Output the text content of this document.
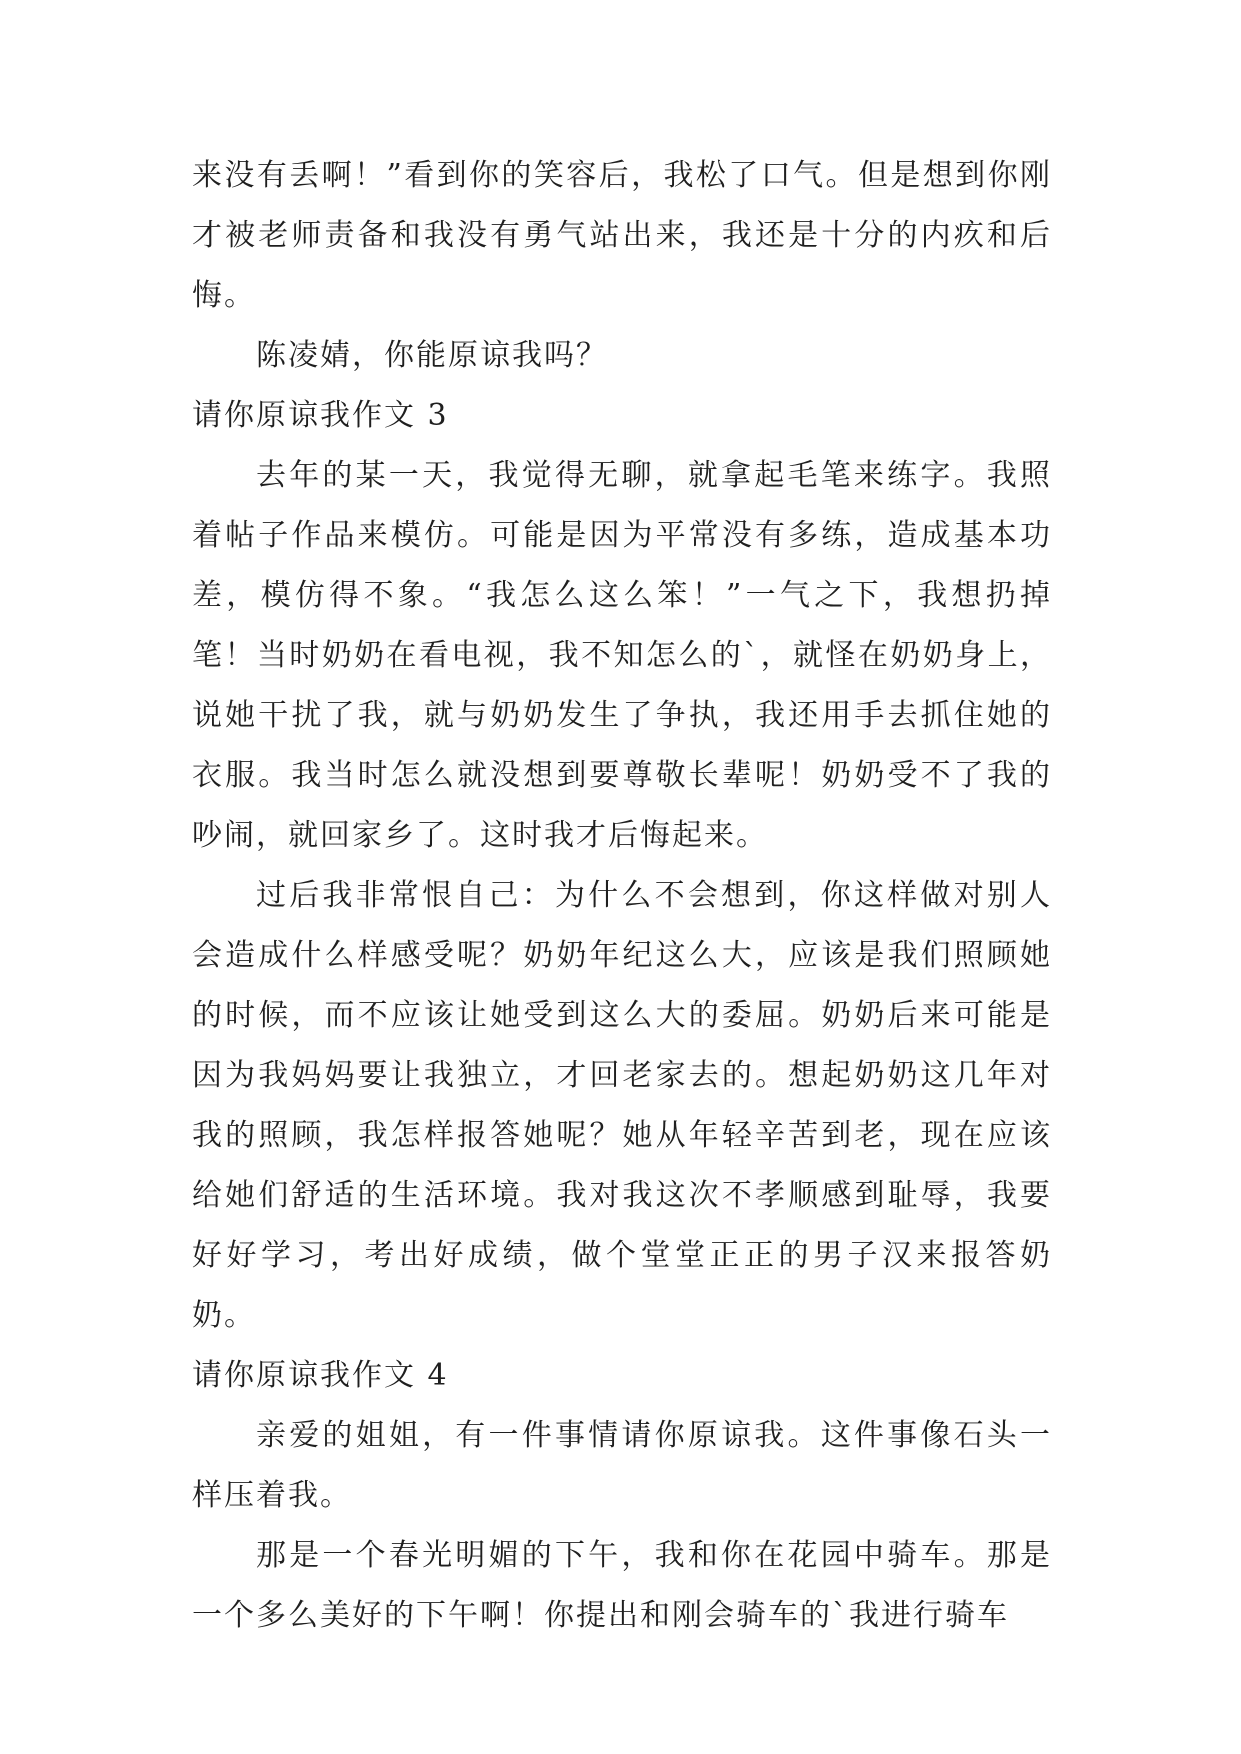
来没有丢啊！”看到你的笑容后，我松了口气。但是想到你刚才被老师责备和我没有勇气站出来，我还是十分的内疚和后悔。

陈凌婧，你能原谅我吗？

请你原谅我作文 3

去年的某一天，我觉得无聊，就拿起毛笔来练字。我照着帖子作品来模仿。可能是因为平常没有多练，造成基本功差，模仿得不象。“我怎么这么笨！”一气之下，我想扔掉笔！当时奶奶在看电视，我不知怎么的`，就怪在奶奶身上，说她干扰了我，就与奶奶发生了争执，我还用手去抓住她的衣服。我当时怎么就没想到要尊敬长辈呢！奶奶受不了我的吵闹，就回家乡了。这时我才后悔起来。

过后我非常恨自己：为什么不会想到，你这样做对别人会造成什么样感受呢？奶奶年纪这么大，应该是我们照顾她的时候，而不应该让她受到这么大的委屈。奶奶后来可能是因为我妈妈要让我独立，才回老家去的。想起奶奶这几年对我的照顾，我怎样报答她呢？她从年轻辛苦到老，现在应该给她们舒适的生活环境。我对我这次不孝顺感到耻辱，我要好好学习，考出好成绩，做个堂堂正正的男子汉来报答奶奶。

请你原谅我作文 4

亲爱的姐姐，有一件事情请你原谅我。这件事像石头一样压着我。

那是一个春光明媚的下午，我和你在花园中骑车。那是一个多么美好的下午啊！你提出和刚会骑车的`我进行骑车
